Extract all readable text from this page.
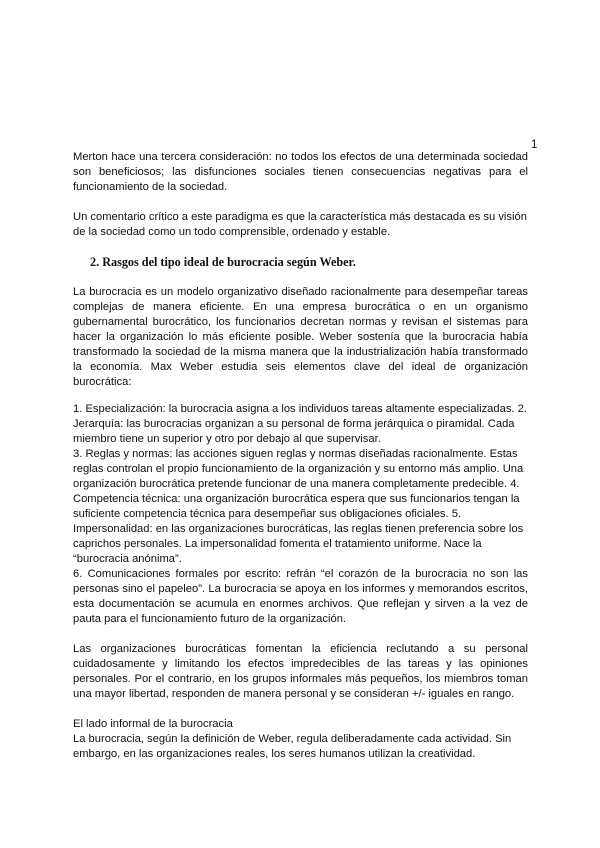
1

Merton hace una tercera consideración: no todos los efectos de una determinada sociedad son beneficiosos; las disfunciones sociales tienen consecuencias negativas para el funcionamiento de la sociedad.

Un comentario crítico a este paradigma es que la característica más destacada es su visión de la sociedad como un todo comprensible, ordenado y estable.

2. Rasgos del tipo ideal de burocracia según Weber.

La burocracia es un modelo organizativo diseñado racionalmente para desempeñar tareas complejas de manera eficiente. En una empresa burocrática o en un organismo gubernamental burocrático, los funcionarios decretan normas y revisan el sistemas para hacer la organización lo más eficiente posible. Weber sostenía que la burocracia había transformado la sociedad de la misma manera que la industrialización había transformado la economía. Max Weber estudia seis elementos clave del ideal de organización burocrática:

1. Especialización: la burocracia asigna a los individuos tareas altamente especializadas. 2. Jerarquía: las burocracias organizan a su personal de forma jerárquica o piramidal. Cada miembro tiene un superior y otro por debajo al que supervisar.

3. Reglas y normas: las acciones siguen reglas y normas diseñadas racionalmente. Estas reglas controlan el propio funcionamiento de la organización y su entorno más amplio. Una organización burocrática pretende funcionar de una manera completamente predecible. 4. Competencia técnica: una organización burocrática espera que sus funcionarios tengan la suficiente competencia técnica para desempeñar sus obligaciones oficiales. 5. Impersonalidad: en las organizaciones burocráticas, las reglas tienen preferencia sobre los caprichos personales. La impersonalidad fomenta el tratamiento uniforme. Nace la “burocracia anónima”.

6. Comunicaciones formales por escrito: refrán “el corazón de la burocracia no son las personas sino el papeleo”. La burocracia se apoya en los informes y memorandos escritos, esta documentación se acumula en enormes archivos. Que reflejan y sirven a la vez de pauta para el funcionamiento futuro de la organización.

Las organizaciones burocráticas fomentan la eficiencia reclutando a su personal cuidadosamente y limitando los efectos impredecibles de las tareas y las opiniones personales. Por el contrario, en los grupos informales más pequeños, los miembros toman una mayor libertad, responden de manera personal y se consideran +/- iguales en rango.

El lado informal de la burocracia

La burocracia, según la definición de Weber, regula deliberadamente cada actividad. Sin embargo, en las organizaciones reales, los seres humanos utilizan la creatividad.
